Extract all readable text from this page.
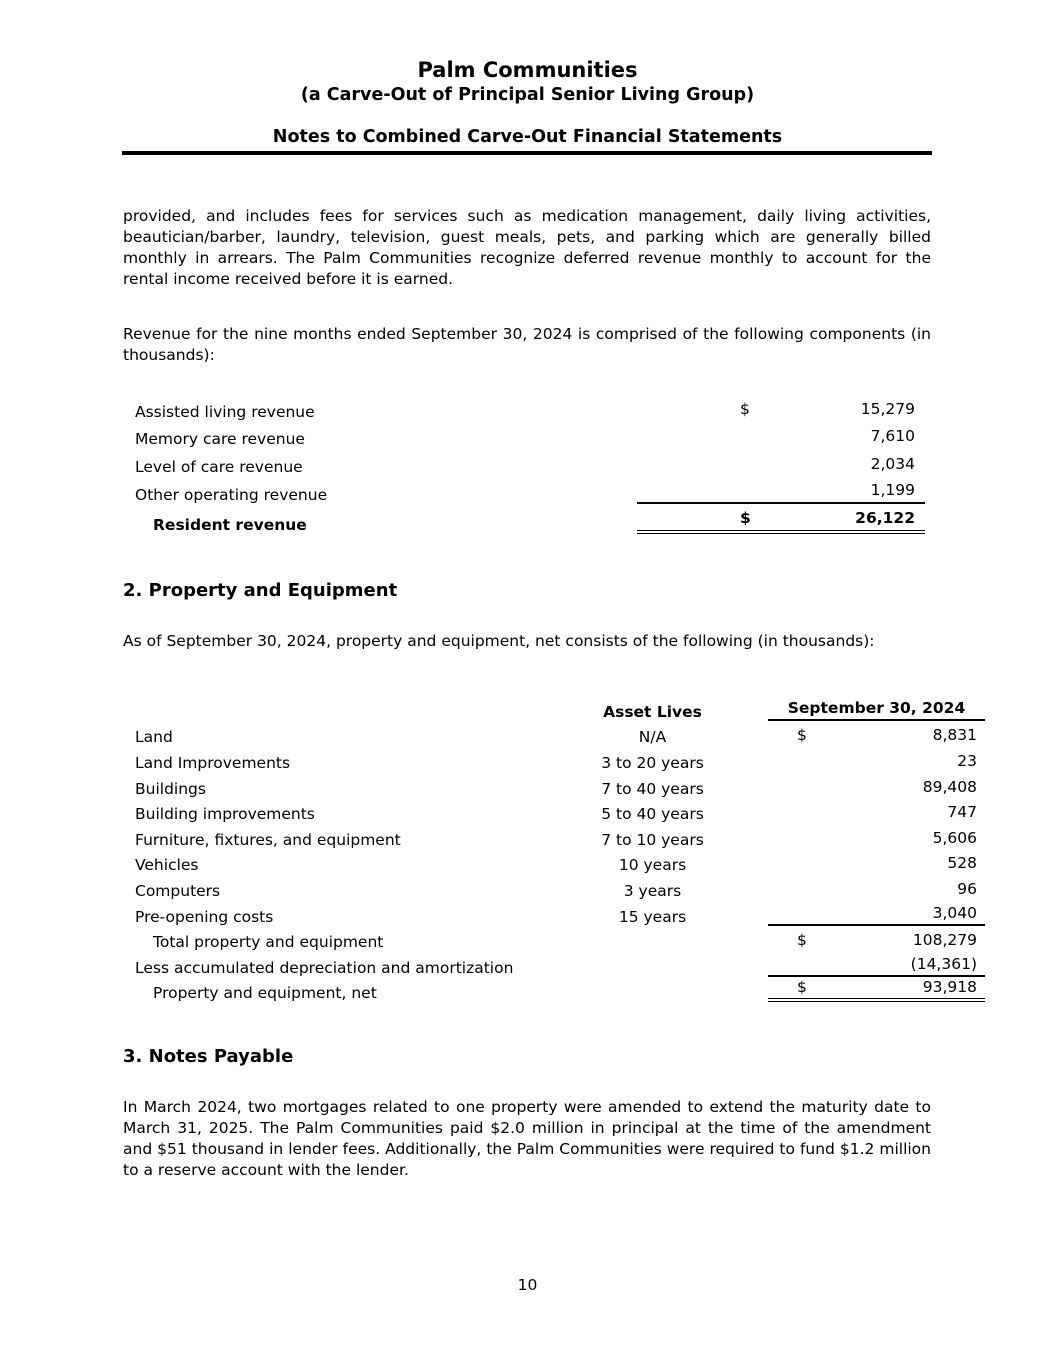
Palm Communities
(a Carve-Out of Principal Senior Living Group)
Notes to Combined Carve-Out Financial Statements

provided, and includes fees for services such as medication management, daily living activities, beautician/barber, laundry, television, guest meals, pets, and parking which are generally billed monthly in arrears. The Palm Communities recognize deferred revenue monthly to account for the rental income received before it is earned.

Revenue for the nine months ended September 30, 2024 is comprised of the following components (in thousands):

Assisted living revenue	$	15,279
Memory care revenue	7,610
Level of care revenue	2,034
Other operating revenue	1,199
Resident revenue	$	26,122
2. Property and Equipment

As of September 30, 2024, property and equipment, net consists of the following (in thousands):

Asset Lives	September 30, 2024
Land	N/A	$	8,831
Land Improvements	3 to 20 years	23
Buildings	7 to 40 years	89,408
Building improvements	5 to 40 years	747
Furniture, fixtures, and equipment	7 to 10 years	5,606
Vehicles	10 years	528
Computers	3 years	96
Pre-opening costs	15 years	3,040
Total property and equipment	$	108,279
Less accumulated depreciation and amortization	(14,361)
Property and equipment, net	$	93,918
3. Notes Payable

In March 2024, two mortgages related to one property were amended to extend the maturity date to March 31, 2025. The Palm Communities paid $2.0 million in principal at the time of the amendment and $51 thousand in lender fees. Additionally, the Palm Communities were required to fund $1.2 million to a reserve account with the lender.

10
